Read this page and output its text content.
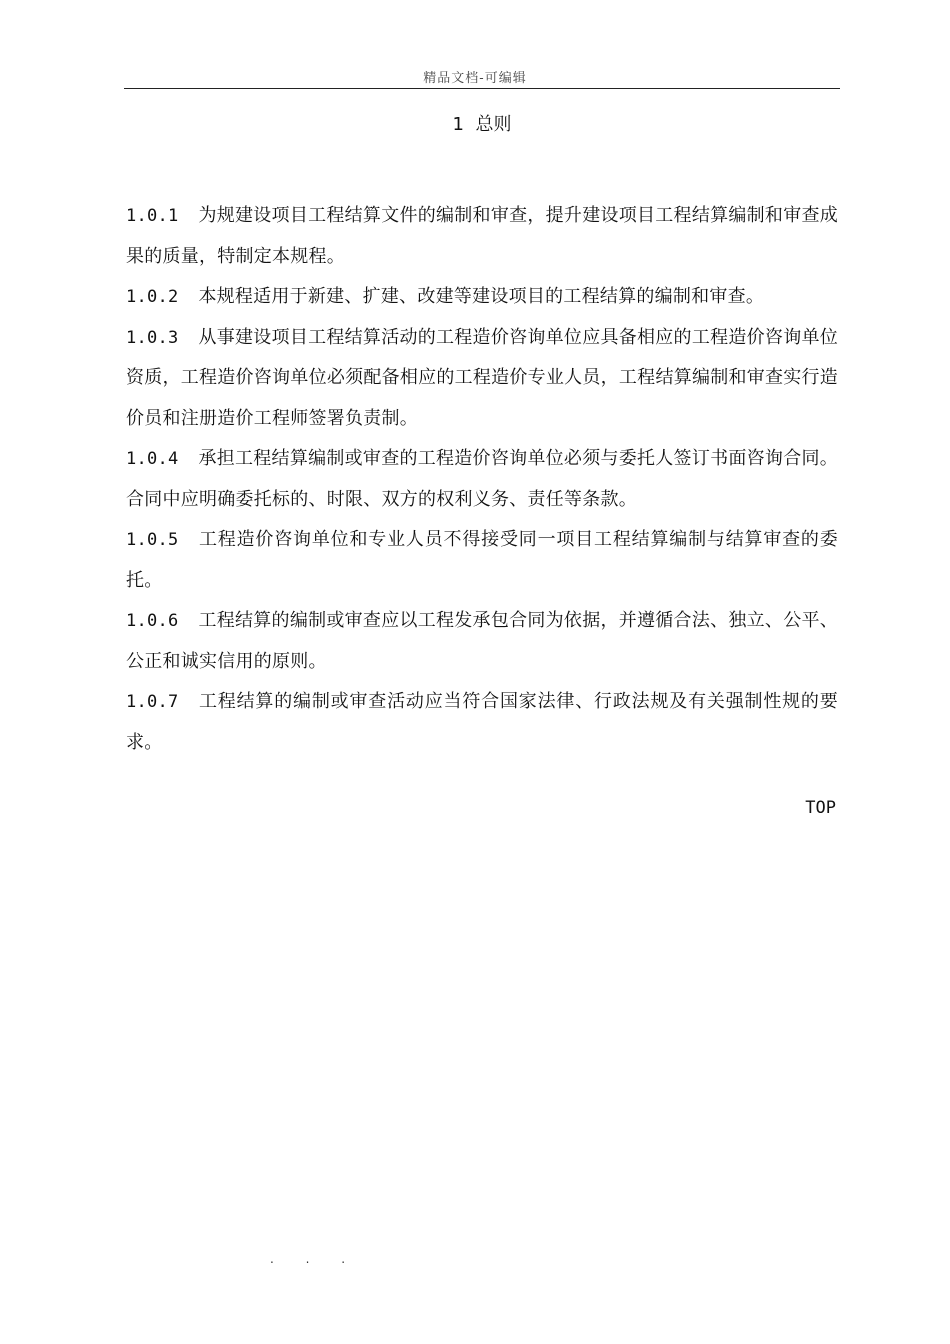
精品文档-可编辑
1  总则

1.0.1 为规建设项目工程结算文件的编制和审查，提升建设项目工程结算编制和审查成果的质量，特制定本规程。

1.0.2 本规程适用于新建、扩建、改建等建设项目的工程结算的编制和审查。

1.0.3 从事建设项目工程结算活动的工程造价咨询单位应具备相应的工程造价咨询单位资质，工程造价咨询单位必须配备相应的工程造价专业人员，工程结算编制和审查实行造价员和注册造价工程师签署负责制。

1.0.4 承担工程结算编制或审查的工程造价咨询单位必须与委托人签订书面咨询合同。合同中应明确委托标的、时限、双方的权利义务、责任等条款。

1.0.5 工程造价咨询单位和专业人员不得接受同一项目工程结算编制与结算审查的委托。

1.0.6 工程结算的编制或审查应以工程发承包合同为依据，并遵循合法、独立、公平、公正和诚实信用的原则。

1.0.7 工程结算的编制或审查活动应当符合国家法律、行政法规及有关强制性规的要求。

TOP
. . .
